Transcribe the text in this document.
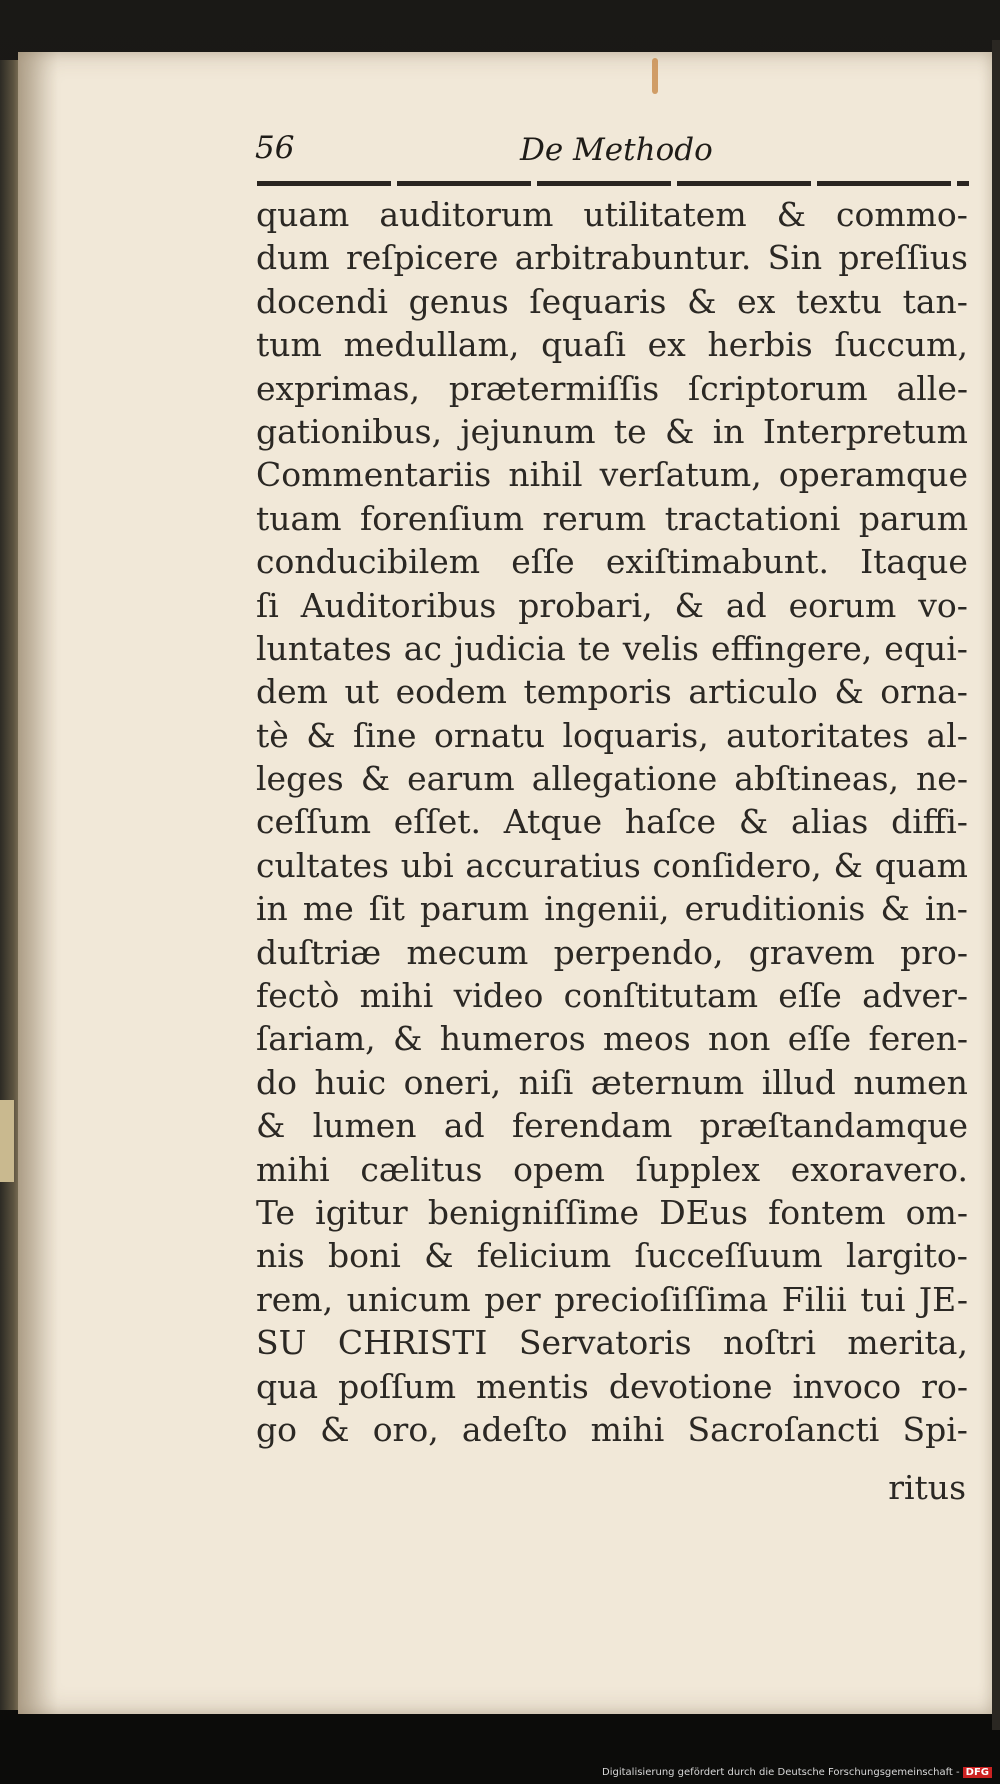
56	De Methodo
quam auditorum utilitatem & commo-
dum reſpicere arbitrabuntur. Sin preſſius
docendi genus ſequaris & ex textu tan-
tum medullam, quaſi ex herbis ſuccum,
exprimas, prætermiſſis ſcriptorum alle-
gationibus, jejunum te & in Interpretum
Commentariis nihil verſatum, operamque
tuam forenſium rerum tractationi parum
conducibilem eſſe exiſtimabunt. Itaque
ſi Auditoribus probari, & ad eorum vo-
luntates ac judicia te velis effingere, equi-
dem ut eodem temporis articulo & orna-
tè & ſine ornatu loquaris, autoritates al-
leges & earum allegatione abſtineas, ne-
ceſſum eſſet. Atque haſce & alias diffi-
cultates ubi accuratius conſidero, & quam
in me ſit parum ingenii, eruditionis & in-
duſtriæ mecum perpendo, gravem pro-
fectò mihi video conſtitutam eſſe adver-
ſariam, & humeros meos non eſſe feren-
do huic oneri, niſi æternum illud numen
& lumen ad ferendam præſtandamque
mihi cælitus opem ſupplex exoravero.
Te igitur benigniſſime DEus fontem om-
nis boni & felicium ſucceſſuum largito-
rem, unicum per precioſiſſima Filii tui JE-
SU CHRISTI Servatoris noſtri merita,
qua poſſum mentis devotione invoco ro-
go & oro, adeſto mihi Sacroſancti Spi-
ritus
Digitalisierung gefördert durch die Deutsche Forschungsgemeinschaft - DFG
